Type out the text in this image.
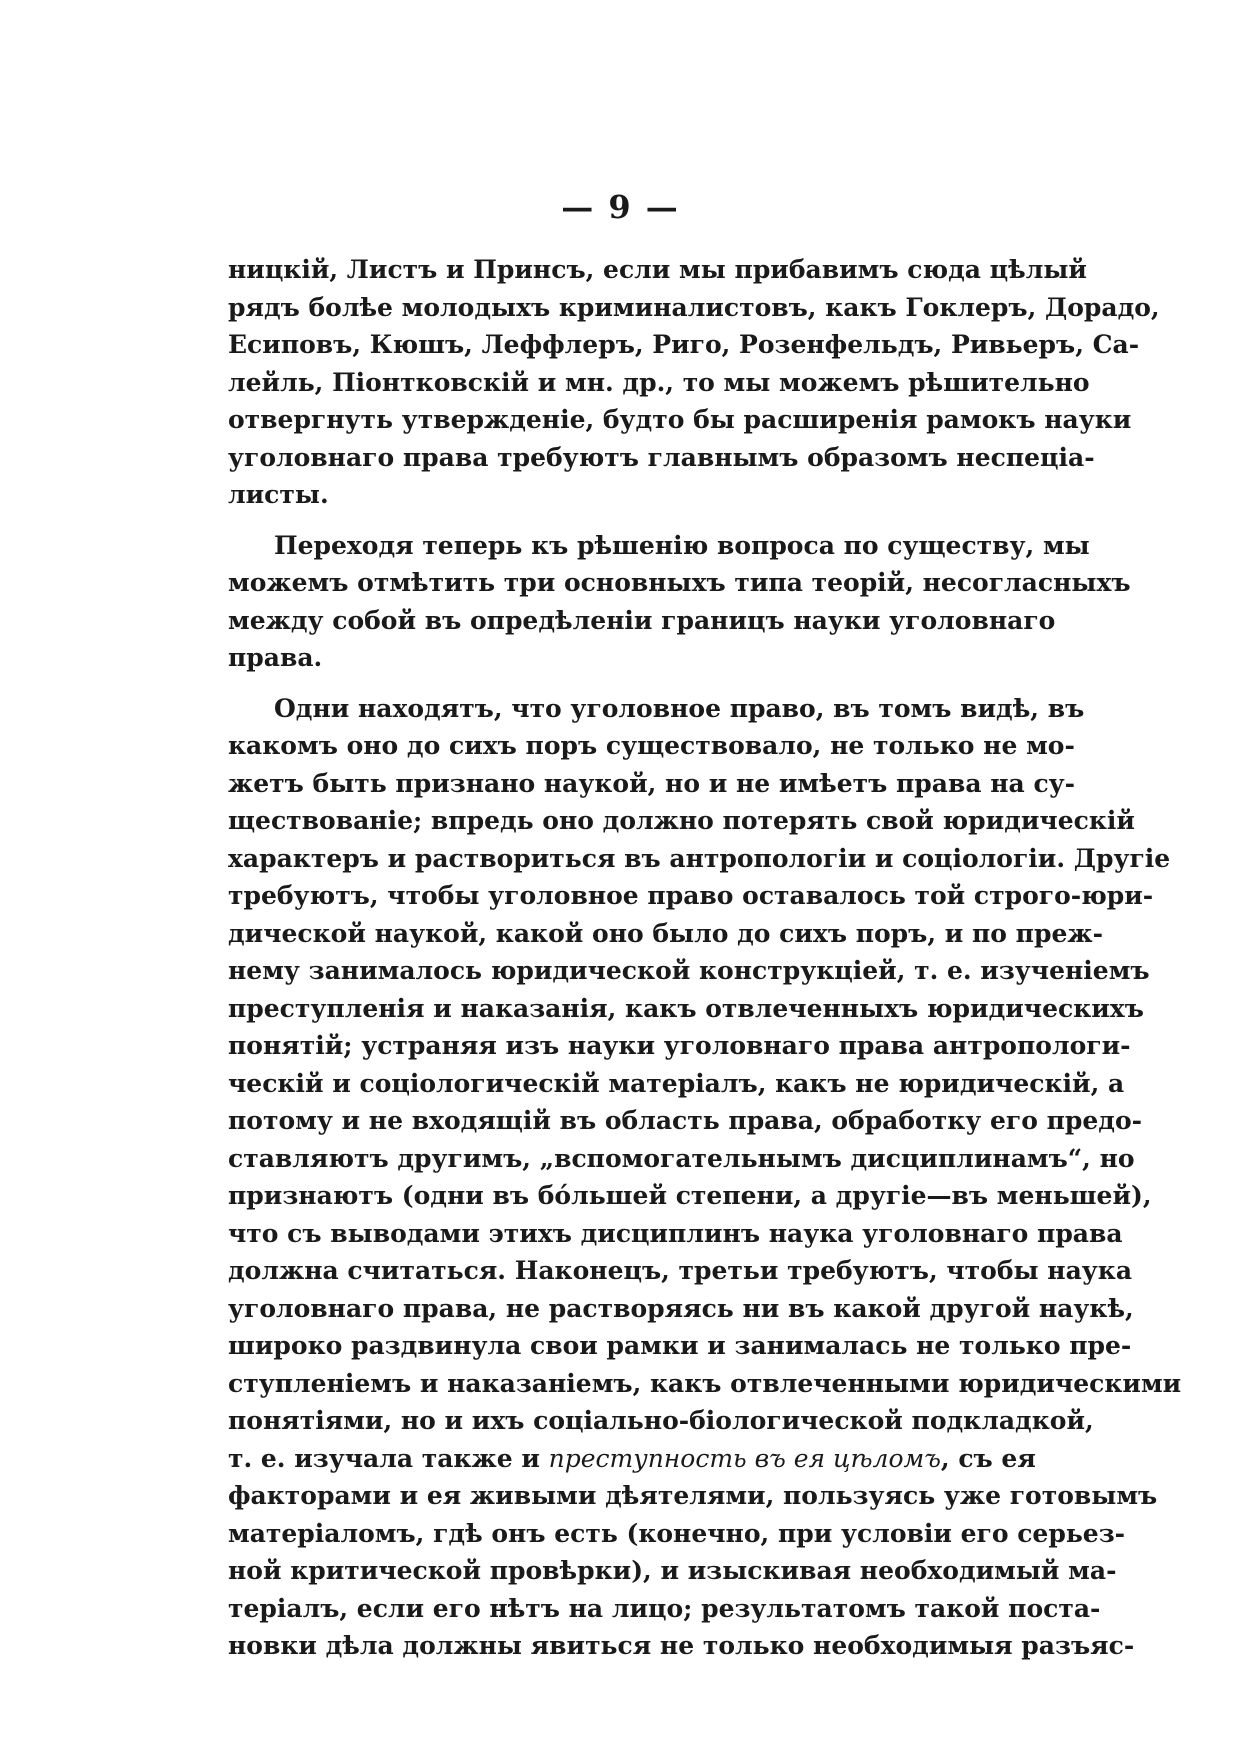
— 9 —
ницкій, Листъ и Принсъ, если мы прибавимъ сюда цѣлый
рядъ болѣе молодыхъ криминалистовъ, какъ Гоклеръ, Дорадо,
Есиповъ, Кюшъ, Леффлеръ, Риго, Розенфельдъ, Ривьеръ, Са-
лейль, Піонтковскій и мн. др., то мы можемъ рѣшительно
отвергнуть утвержденіе, будто бы расширенія рамокъ науки
уголовнаго права требуютъ главнымъ образомъ неспеціа-
листы.
Переходя теперь къ рѣшенію вопроса по существу, мы
можемъ отмѣтить три основныхъ типа теорій, несогласныхъ
между собой въ опредѣленіи границъ науки уголовнаго
права.
Одни находятъ, что уголовное право, въ томъ видѣ, въ
какомъ оно до сихъ поръ существовало, не только не мо-
жетъ быть признано наукой, но и не имѣетъ права на су-
ществованіе; впредь оно должно потерять свой юридическій
характеръ и раствориться въ антропологіи и соціологіи. Другіе
требуютъ, чтобы уголовное право оставалось той строго-юри-
дической наукой, какой оно было до сихъ поръ, и по преж-
нему занималось юридической конструкціей, т. е. изученіемъ
преступленія и наказанія, какъ отвлеченныхъ юридическихъ
понятій; устраняя изъ науки уголовнаго права антропологи-
ческій и соціологическій матеріалъ, какъ не юридическій, а
потому и не входящій въ область права, обработку его предо-
ставляютъ другимъ, „вспомогательнымъ дисциплинамъ“, но
признаютъ (одни въ бо́льшей степени, а другіе—въ меньшей),
что съ выводами этихъ дисциплинъ наука уголовнаго права
должна считаться. Наконецъ, третьи требуютъ, чтобы наука
уголовнаго права, не растворяясь ни въ какой другой наукѣ,
широко раздвинула свои рамки и занималась не только пре-
ступленіемъ и наказаніемъ, какъ отвлеченными юридическими
понятіями, но и ихъ соціально-біологической подкладкой,
т. е. изучала также и преступность въ ея цѣломъ, съ ея
факторами и ея живыми дѣятелями, пользуясь уже готовымъ
матеріаломъ, гдѣ онъ есть (конечно, при условіи его серьез-
ной критической провѣрки), и изыскивая необходимый ма-
теріалъ, если его нѣтъ на лицо; результатомъ такой поста-
новки дѣла должны явиться не только необходимыя разъяс-
